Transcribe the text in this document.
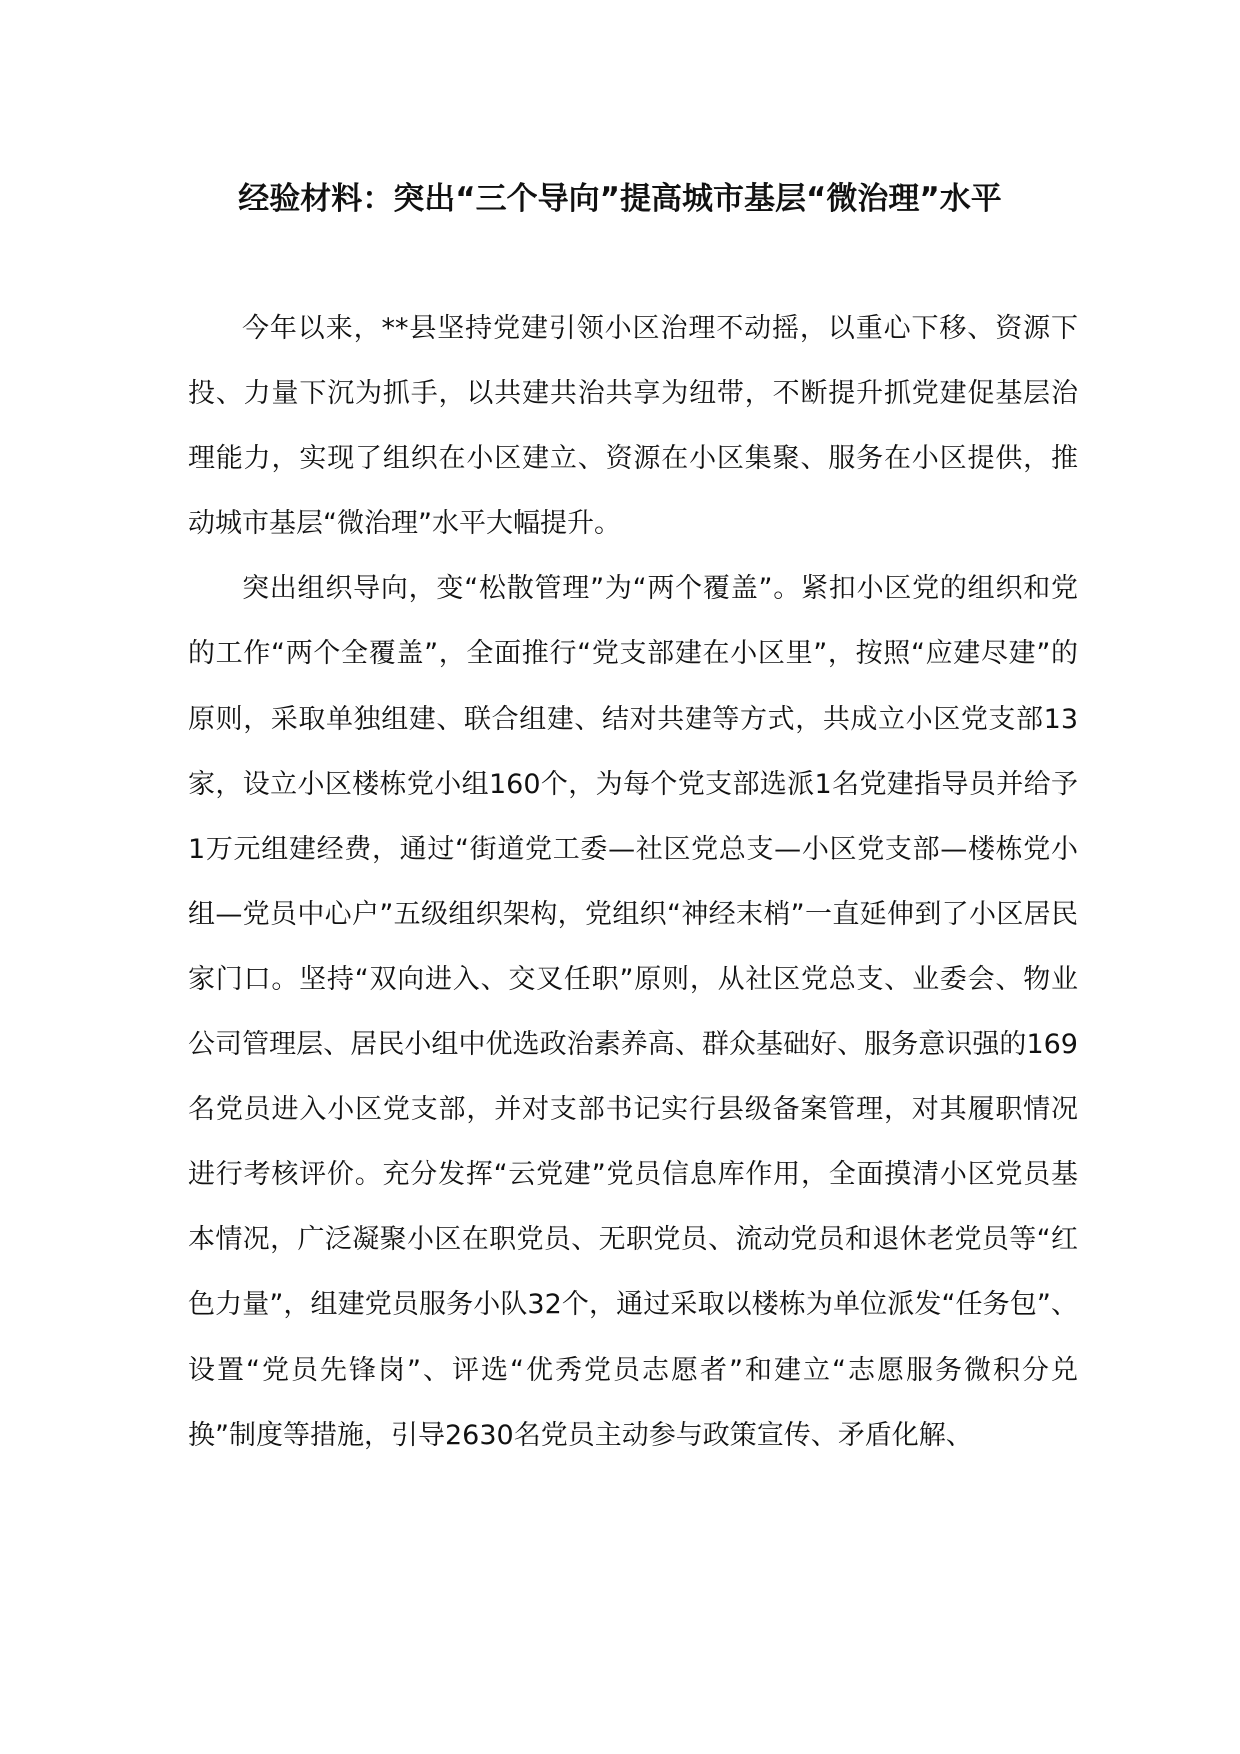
经验材料：突出“三个导向”提高城市基层“微治理”水平

今年以来，**县坚持党建引领小区治理不动摇，以重心下移、资源下投、力量下沉为抓手，以共建共治共享为纽带，不断提升抓党建促基层治理能力，实现了组织在小区建立、资源在小区集聚、服务在小区提供，推动城市基层“微治理”水平大幅提升。

突出组织导向，变“松散管理”为“两个覆盖”。紧扣小区党的组织和党的工作“两个全覆盖”，全面推行“党支部建在小区里”，按照“应建尽建”的原则，采取单独组建、联合组建、结对共建等方式，共成立小区党支部13家，设立小区楼栋党小组160个，为每个党支部选派1名党建指导员并给予1万元组建经费，通过“街道党工委—社区党总支—小区党支部—楼栋党小组—党员中心户”五级组织架构，党组织“神经末梢”一直延伸到了小区居民家门口。坚持“双向进入、交叉任职”原则，从社区党总支、业委会、物业公司管理层、居民小组中优选政治素养高、群众基础好、服务意识强的169名党员进入小区党支部，并对支部书记实行县级备案管理，对其履职情况进行考核评价。充分发挥“云党建”党员信息库作用，全面摸清小区党员基本情况，广泛凝聚小区在职党员、无职党员、流动党员和退休老党员等“红色力量”，组建党员服务小队32个，通过采取以楼栋为单位派发“任务包”、设置“党员先锋岗”、评选“优秀党员志愿者”和建立“志愿服务微积分兑换”制度等措施，引导2630名党员主动参与政策宣传、矛盾化解、
